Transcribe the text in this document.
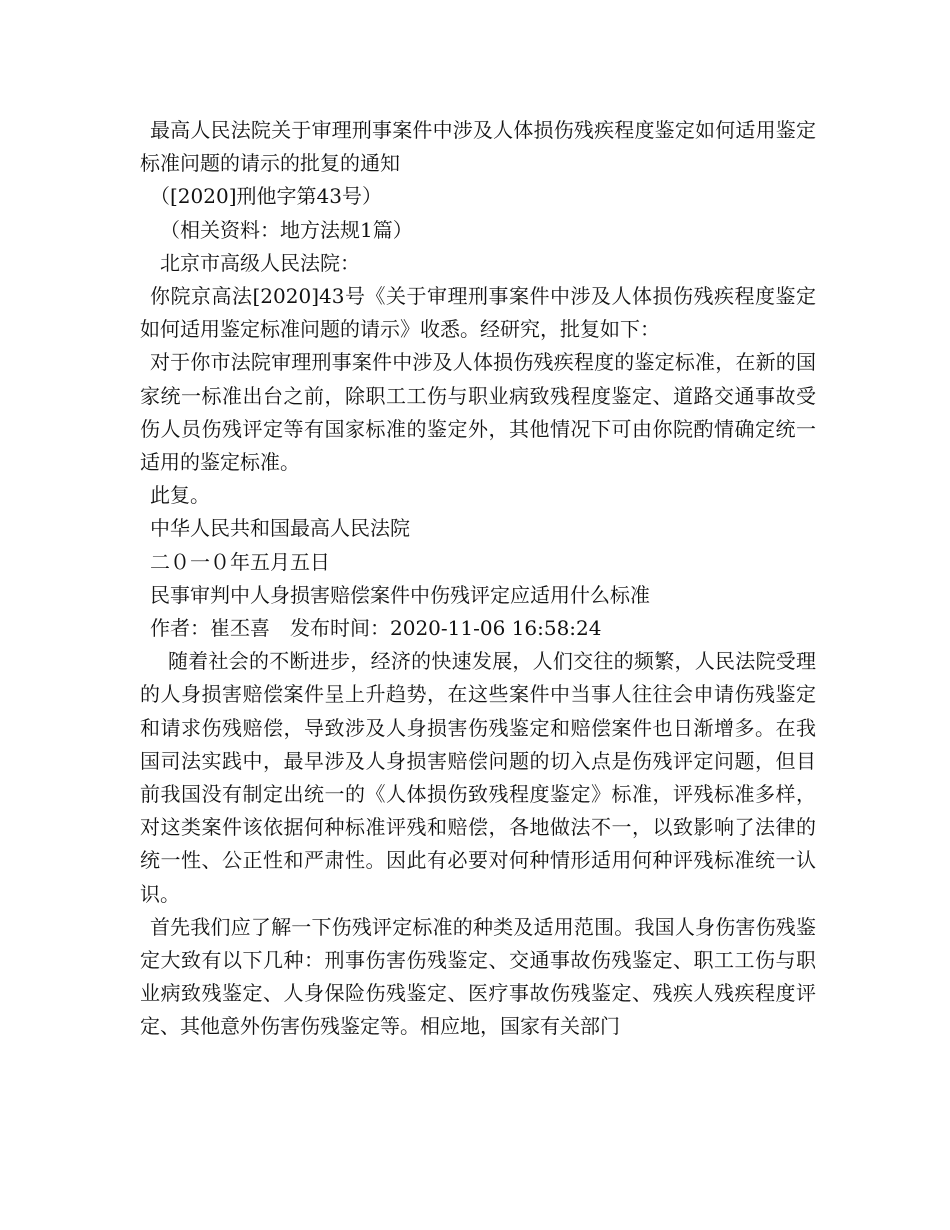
最高人民法院关于审理刑事案件中涉及人体损伤残疾程度鉴定如何适用鉴定标准问题的请示的批复的通知

（[2020]刑他字第43号）

（相关资料：地方法规1篇）

北京市高级人民法院：

你院京高法[2020]43号《关于审理刑事案件中涉及人体损伤残疾程度鉴定如何适用鉴定标准问题的请示》收悉。经研究，批复如下：

对于你市法院审理刑事案件中涉及人体损伤残疾程度的鉴定标准，在新的国家统一标准出台之前，除职工工伤与职业病致残程度鉴定、道路交通事故受伤人员伤残评定等有国家标准的鉴定外，其他情况下可由你院酌情确定统一适用的鉴定标准。

此复。

中华人民共和国最高人民法院

二０一０年五月五日

民事审判中人身损害赔偿案件中伤残评定应适用什么标准

作者：崔丕喜　发布时间：2020-11-06 16:58:24

随着社会的不断进步，经济的快速发展，人们交往的频繁，人民法院受理的人身损害赔偿案件呈上升趋势，在这些案件中当事人往往会申请伤残鉴定和请求伤残赔偿，导致涉及人身损害伤残鉴定和赔偿案件也日渐增多。在我国司法实践中，最早涉及人身损害赔偿问题的切入点是伤残评定问题，但目前我国没有制定出统一的《人体损伤致残程度鉴定》标准，评残标准多样，对这类案件该依据何种标准评残和赔偿，各地做法不一，以致影响了法律的统一性、公正性和严肃性。因此有必要对何种情形适用何种评残标准统一认识。

首先我们应了解一下伤残评定标准的种类及适用范围。我国人身伤害伤残鉴定大致有以下几种：刑事伤害伤残鉴定、交通事故伤残鉴定、职工工伤与职业病致残鉴定、人身保险伤残鉴定、医疗事故伤残鉴定、残疾人残疾程度评定、其他意外伤害伤残鉴定等。相应地，国家有关部门
